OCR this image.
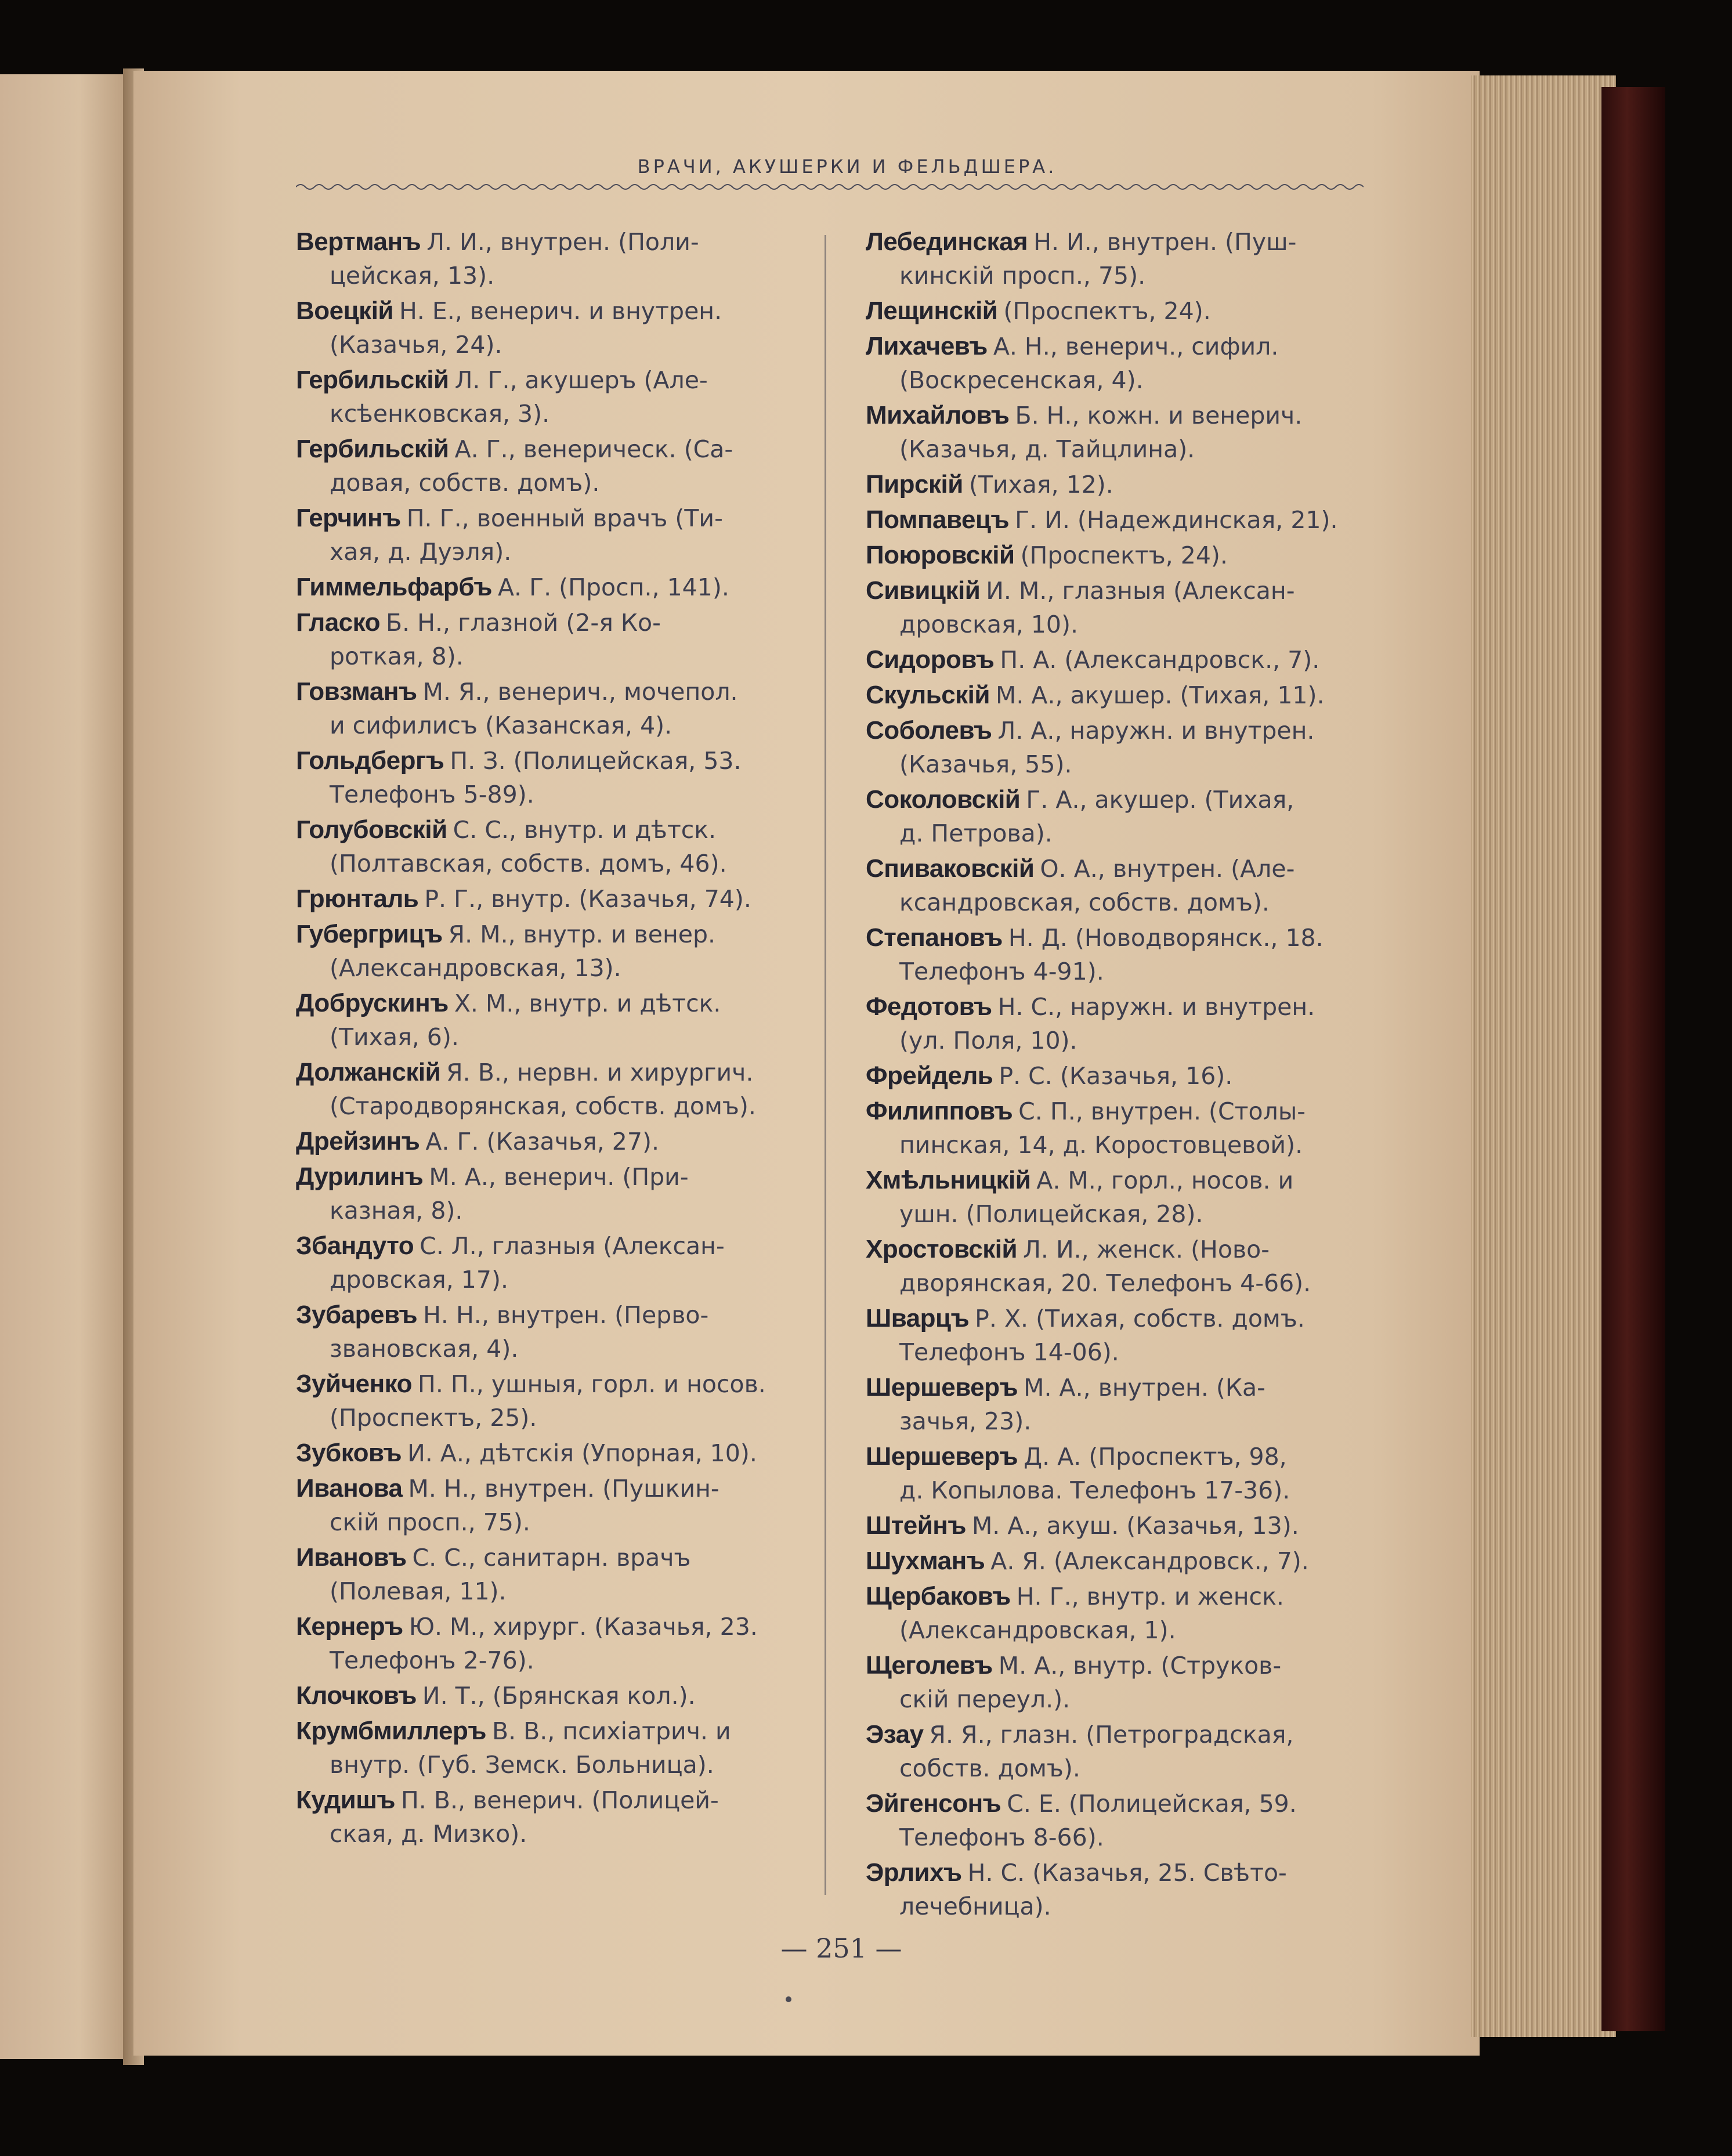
ВРАЧИ, АКУШЕРКИ И ФЕЛЬДШЕРА.
Вертманъ Л. И., внутрен. (Поли-
цейская, 13).
Воецкій Н. Е., венерич. и внутрен.
(Казачья, 24).
Гербильскій Л. Г., акушеръ (Але-
ксѣенковская, 3).
Гербильскій А. Г., венерическ. (Са-
довая, собств. домъ).
Герчинъ П. Г., военный врачъ (Ти-
хая, д. Дуэля).
Гиммельфарбъ А. Г. (Просп., 141).
Гласко Б. Н., глазной (2-я Ко-
роткая, 8).
Говзманъ М. Я., венерич., мочепол.
и сифилисъ (Казанская, 4).
Гольдбергъ П. З. (Полицейская, 53.
Телефонъ 5-89).
Голубовскій С. С., внутр. и дѣтск.
(Полтавская, собств. домъ, 46).
Грюнталь Р. Г., внутр. (Казачья, 74).
Губергрицъ Я. М., внутр. и венер.
(Александровская, 13).
Добрускинъ Х. М., внутр. и дѣтск.
(Тихая, 6).
Должанскій Я. В., нервн. и хирургич.
(Стародворянская, собств. домъ).
Дрейзинъ А. Г. (Казачья, 27).
Дурилинъ М. А., венерич. (При-
казная, 8).
Збандуто С. Л., глазныя (Алексан-
дровская, 17).
Зубаревъ Н. Н., внутрен. (Перво-
звановская, 4).
Зуйченко П. П., ушныя, горл. и носов.
(Проспектъ, 25).
Зубковъ И. А., дѣтскія (Упорная, 10).
Иванова М. Н., внутрен. (Пушкин-
скій просп., 75).
Ивановъ С. С., санитарн. врачъ
(Полевая, 11).
Кернеръ Ю. М., хирург. (Казачья, 23.
Телефонъ 2-76).
Клочковъ И. Т., (Брянская кол.).
Крумбмиллеръ В. В., психіатрич. и
внутр. (Губ. Земск. Больница).
Кудишъ П. В., венерич. (Полицей-
ская, д. Мизко).
Лебединская Н. И., внутрен. (Пуш-
кинскій просп., 75).
Лещинскій (Проспектъ, 24).
Лихачевъ А. Н., венерич., сифил.
(Воскресенская, 4).
Михайловъ Б. Н., кожн. и венерич.
(Казачья, д. Тайцлина).
Пирскій (Тихая, 12).
Помпавецъ Г. И. (Надеждинская, 21).
Поюровскій (Проспектъ, 24).
Сивицкій И. М., глазныя (Алексан-
дровская, 10).
Сидоровъ П. А. (Александровск., 7).
Скульскій М. А., акушер. (Тихая, 11).
Соболевъ Л. А., наружн. и внутрен.
(Казачья, 55).
Соколовскій Г. А., акушер. (Тихая,
д. Петрова).
Спиваковскій О. А., внутрен. (Але-
ксандровская, собств. домъ).
Степановъ Н. Д. (Новодворянск., 18.
Телефонъ 4-91).
Федотовъ Н. С., наружн. и внутрен.
(ул. Поля, 10).
Фрейдель Р. С. (Казачья, 16).
Филипповъ С. П., внутрен. (Столы-
пинская, 14, д. Коростовцевой).
Хмѣльницкій А. М., горл., носов. и
ушн. (Полицейская, 28).
Хростовскій Л. И., женск. (Ново-
дворянская, 20. Телефонъ 4-66).
Шварцъ Р. Х. (Тихая, собств. домъ.
Телефонъ 14-06).
Шершеверъ М. А., внутрен. (Ка-
зачья, 23).
Шершеверъ Д. А. (Проспектъ, 98,
д. Копылова. Телефонъ 17-36).
Штейнъ М. А., акуш. (Казачья, 13).
Шухманъ А. Я. (Александровск., 7).
Щербаковъ Н. Г., внутр. и женск.
(Александровская, 1).
Щеголевъ М. А., внутр. (Струков-
скій переул.).
Эзау Я. Я., глазн. (Петроградская,
собств. домъ).
Эйгенсонъ С. Е. (Полицейская, 59.
Телефонъ 8-66).
Эрлихъ Н. С. (Казачья, 25. Свѣто-
лечебница).
— 251 —
